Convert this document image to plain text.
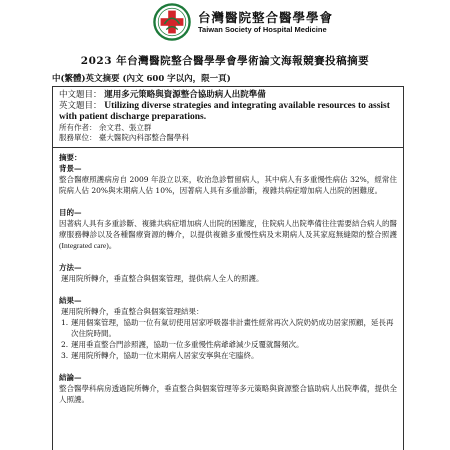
台灣醫院整合醫學學會
Taiwan Society of Hospital Medicine
2023 年台灣醫院整合醫學學會學術論文海報競賽投稿摘要
中(繁體)英文摘要 (內文 600 字以內，限一頁)
中文題目： 運用多元策略與資源整合協助病人出院準備
英文題目： Utilizing diverse strategies and integrating available resources to assist with patient discharge preparations.
所有作者： 余文君、張立群
服務單位： 臺大醫院內科部整合醫學科
摘要：
背景—

整合醫療照護病房自 2009 年設立以來，收治急診暫留病人，其中病人有多重慢性病佔 32%，經常住院病人佔 20%與末期病人佔 10%，因著病人具有多重診斷，複雜共病症增加病人出院的困難度。

目的—

因著病人具有多重診斷、複雜共病症增加病人出院的困難度，住院病人出院準備往往需要結合病人的醫療服務轉診以及各種醫療資源的轉介，以提供複雜多重慢性病及末期病人及其家庭無縫隙的整合照護(Integrated care)。

方法—

運用院所轉介，垂直整合與個案管理，提供病人全人的照護。

結果—

運用院所轉介，垂直整合與個案管理結果：

1. 運用個案管理，協助一位有氣切使用居家呼吸器非計畫性經常再次入院奶奶成功居家照顧，延長再次住院時間。
2. 運用垂直整合門診照護，協助一位多重慢性病爺爺減少反覆就醫頻次。
3. 運用院所轉介，協助一位末期病人居家安寧與在宅臨終。
結論—

整合醫學科病房透過院所轉介，垂直整合與個案管理等多元策略與資源整合協助病人出院準備，提供全人照護。
